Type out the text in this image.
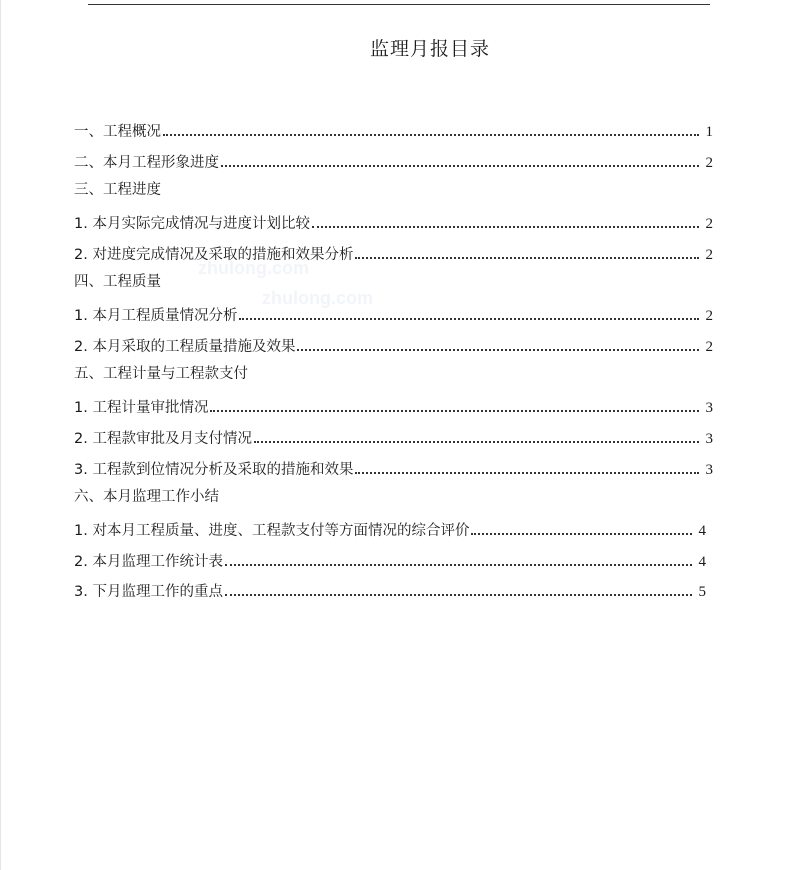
监理月报目录
zhulong.com
zhulong.com
一、工程概况	1
二、本月工程形象进度	2
三、工程进度
1. 本月实际完成情况与进度计划比较	2
2. 对进度完成情况及采取的措施和效果分析	2
四、工程质量
1. 本月工程质量情况分析	2
2. 本月采取的工程质量措施及效果	2
五、工程计量与工程款支付
1. 工程计量审批情况	3
2. 工程款审批及月支付情况	3
3. 工程款到位情况分析及采取的措施和效果	3
六、本月监理工作小结
1. 对本月工程质量、进度、工程款支付等方面情况的综合评价	4
2. 本月监理工作统计表	4
3. 下月监理工作的重点	5
